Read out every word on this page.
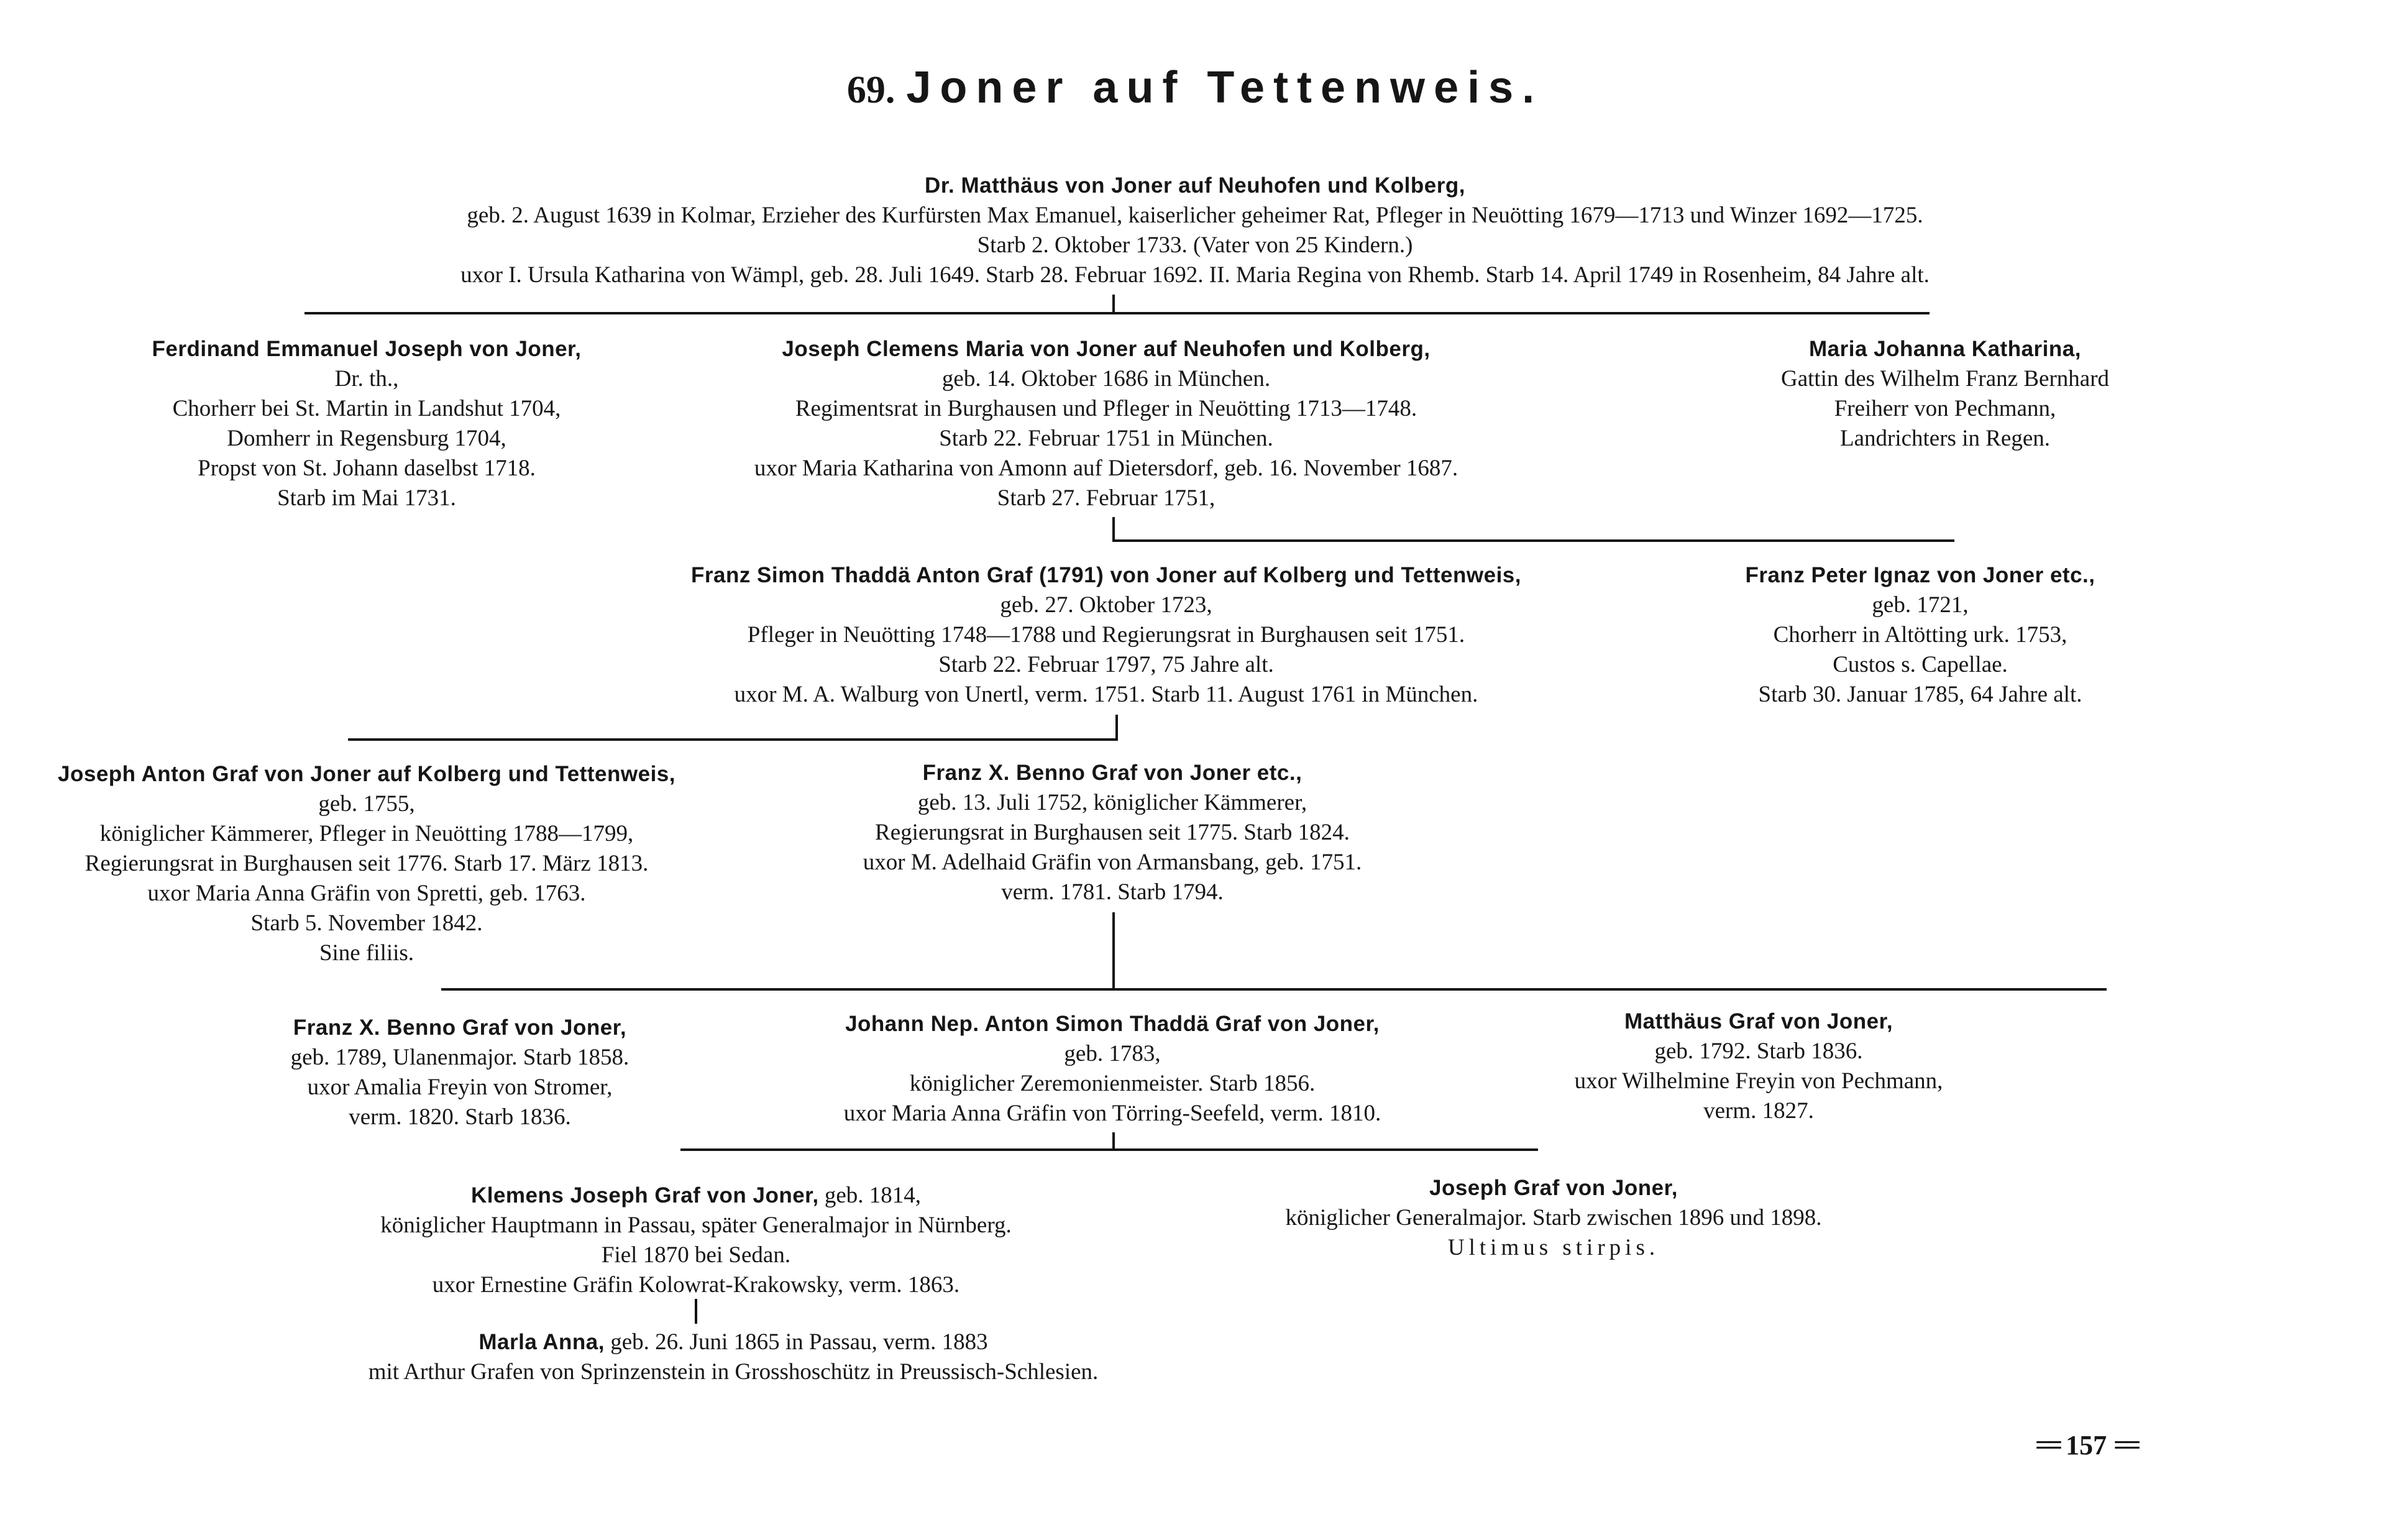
69. Joner auf Tettenweis.
Dr. Matthäus von Joner auf Neuhofen und Kolberg,
geb. 2. August 1639 in Kolmar, Erzieher des Kurfürsten Max Emanuel, kaiserlicher geheimer Rat, Pfleger in Neuötting 1679—1713 und Winzer 1692—1725.
Starb 2. Oktober 1733. (Vater von 25 Kindern.)
uxor I. Ursula Katharina von Wämpl, geb. 28. Juli 1649. Starb 28. Februar 1692. II. Maria Regina von Rhemb. Starb 14. April 1749 in Rosenheim, 84 Jahre alt.
Ferdinand Emmanuel Joseph von Joner,
Dr. th.,
Chorherr bei St. Martin in Landshut 1704,
Domherr in Regensburg 1704,
Propst von St. Johann daselbst 1718.
Starb im Mai 1731.
Joseph Clemens Maria von Joner auf Neuhofen und Kolberg,
geb. 14. Oktober 1686 in München.
Regimentsrat in Burghausen und Pfleger in Neuötting 1713—1748.
Starb 22. Februar 1751 in München.
uxor Maria Katharina von Amonn auf Dietersdorf, geb. 16. November 1687.
Starb 27. Februar 1751,
Maria Johanna Katharina,
Gattin des Wilhelm Franz Bernhard
Freiherr von Pechmann,
Landrichters in Regen.
Franz Simon Thaddä Anton Graf (1791) von Joner auf Kolberg und Tettenweis,
geb. 27. Oktober 1723,
Pfleger in Neuötting 1748—1788 und Regierungsrat in Burghausen seit 1751.
Starb 22. Februar 1797, 75 Jahre alt.
uxor M. A. Walburg von Unertl, verm. 1751. Starb 11. August 1761 in München.
Franz Peter Ignaz von Joner etc.,
geb. 1721,
Chorherr in Altötting urk. 1753,
Custos s. Capellae.
Starb 30. Januar 1785, 64 Jahre alt.
Joseph Anton Graf von Joner auf Kolberg und Tettenweis,
geb. 1755,
königlicher Kämmerer, Pfleger in Neuötting 1788—1799,
Regierungsrat in Burghausen seit 1776. Starb 17. März 1813.
uxor Maria Anna Gräfin von Spretti, geb. 1763.
Starb 5. November 1842.
Sine filiis.
Franz X. Benno Graf von Joner etc.,
geb. 13. Juli 1752, königlicher Kämmerer,
Regierungsrat in Burghausen seit 1775. Starb 1824.
uxor M. Adelhaid Gräfin von Armansbang, geb. 1751.
verm. 1781. Starb 1794.
Franz X. Benno Graf von Joner,
geb. 1789, Ulanenmajor. Starb 1858.
uxor Amalia Freyin von Stromer,
verm. 1820. Starb 1836.
Johann Nep. Anton Simon Thaddä Graf von Joner,
geb. 1783,
königlicher Zeremonienmeister. Starb 1856.
uxor Maria Anna Gräfin von Törring-Seefeld, verm. 1810.
Matthäus Graf von Joner,
geb. 1792. Starb 1836.
uxor Wilhelmine Freyin von Pechmann,
verm. 1827.
Klemens Joseph Graf von Joner, geb. 1814,
königlicher Hauptmann in Passau, später Generalmajor in Nürnberg.
Fiel 1870 bei Sedan.
uxor Ernestine Gräfin Kolowrat-Krakowsky, verm. 1863.
Joseph Graf von Joner,
königlicher Generalmajor. Starb zwischen 1896 und 1898.
Ultimus stirpis.
Marla Anna, geb. 26. Juni 1865 in Passau, verm. 1883
mit Arthur Grafen von Sprinzenstein in Grosshoschütz in Preussisch-Schlesien.
== 157 ==
